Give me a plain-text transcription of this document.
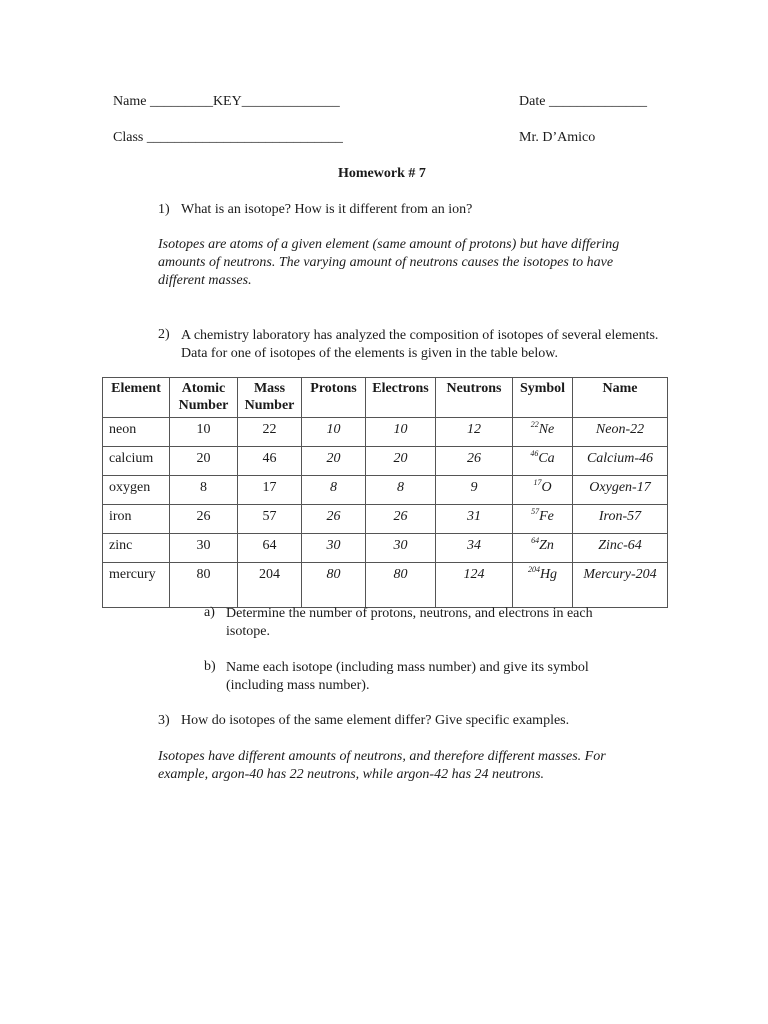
Name _________KEY______________	Date ______________
Class ____________________________	Mr. D’Amico
Homework # 7
1) What is an isotope? How is it different from an ion?
Isotopes are atoms of a given element (same amount of protons) but have differing amounts of neutrons. The varying amount of neutrons causes the isotopes to have different masses.
2) A chemistry laboratory has analyzed the composition of isotopes of several elements. Data for one of isotopes of the elements is given in the table below.
Element	Atomic Number	Mass Number	Protons	Electrons	Neutrons	Symbol	Name
neon	10	22	10	10	12	$^{22}$Ne	Neon-22
calcium	20	46	20	20	26	$^{46}$Ca	Calcium-46
oxygen	8	17	8	8	9	$^{17}$O	Oxygen-17
iron	26	57	26	26	31	$^{57}$Fe	Iron-57
zinc	30	64	30	30	34	$^{64}$Zn	Zinc-64
mercury	80	204	80	80	124	$^{204}$Hg	Mercury-204
a) Determine the number of protons, neutrons, and electrons in each isotope.
b) Name each isotope (including mass number) and give its symbol (including mass number).
3) How do isotopes of the same element differ? Give specific examples.
Isotopes have different amounts of neutrons, and therefore different masses. For example, argon-40 has 22 neutrons, while argon-42 has 24 neutrons.
